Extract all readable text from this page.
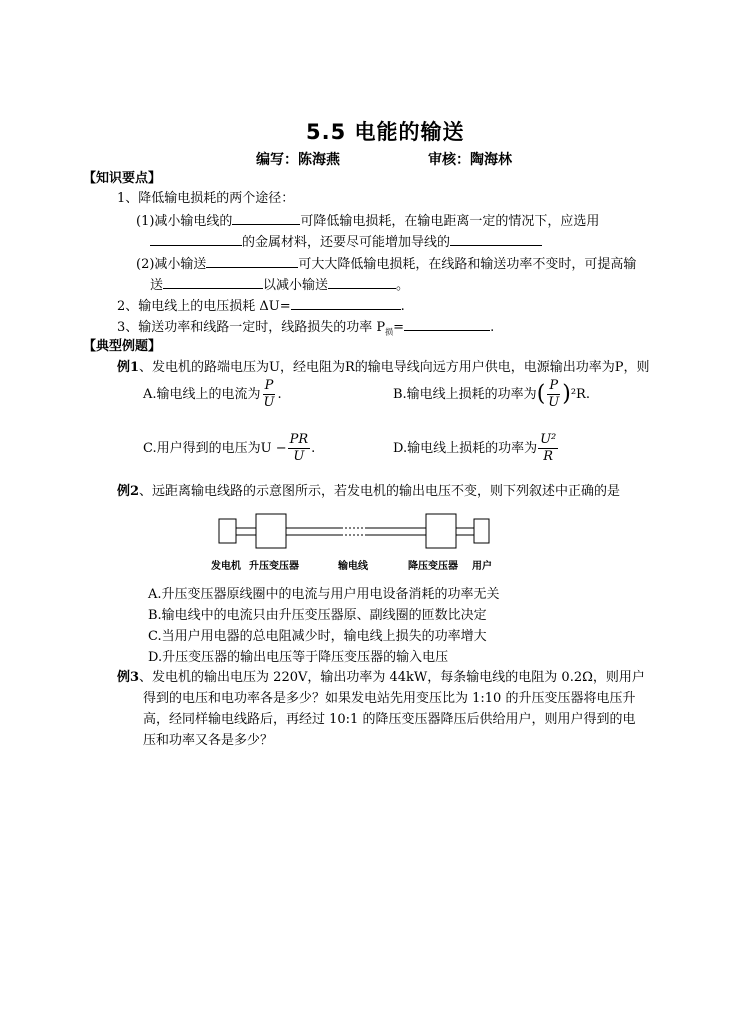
5.5 电能的输送
编写：陈海燕	审核：陶海林
【知识要点】
1、降低输电损耗的两个途径：
(1)减小输电线的	可降低输电损耗，在输电距离一定的情况下，应选用
的金属材料，还要尽可能增加导线的
(2)减小输送	可大大降低输电损耗，在线路和输送功率不变时，可提高输
送	以减小输送	。
2、输电线上的电压损耗 ΔU=	.
3、输送功率和线路一定时，线路损失的功率 $P_损=$	.
【典型例题】
例1、发电机的路端电压为U，经电阻为R的输电导线向远方用户供电，电源输出功率为P，则
A.输电线上的电流为 $\frac{P}{U}$ .	B.输电线上损耗的功率为( $\frac{P}{U} )^2R$.
C.用户得到的电压为$U - \frac{PR}{U}$ .	D.输电线上损耗的功率为 $\frac{\text{U²}}{R}$
例2、远距离输电线路的示意图所示，若发电机的输出电压不变，则下列叙述中正确的是
发电机 升压变压器	输电线	降压变压器 用户
A.升压变压器原线圈中的电流与用户用电设备消耗的功率无关
B.输电线中的电流只由升压变压器原、副线圈的匝数比决定
C.当用户用电器的总电阻减少时，输电线上损失的功率增大
D.升压变压器的输出电压等于降压变压器的输入电压
例3、发电机的输出电压为 220V，输出功率为 44kW，每条输电线的电阻为 0.2Ω，则用户
得到的电压和电功率各是多少？如果发电站先用变压比为 1:10 的升压变压器将电压升
高，经同样输电线路后，再经过 10:1 的降压变压器降压后供给用户，则用户得到的电
压和功率又各是多少？
